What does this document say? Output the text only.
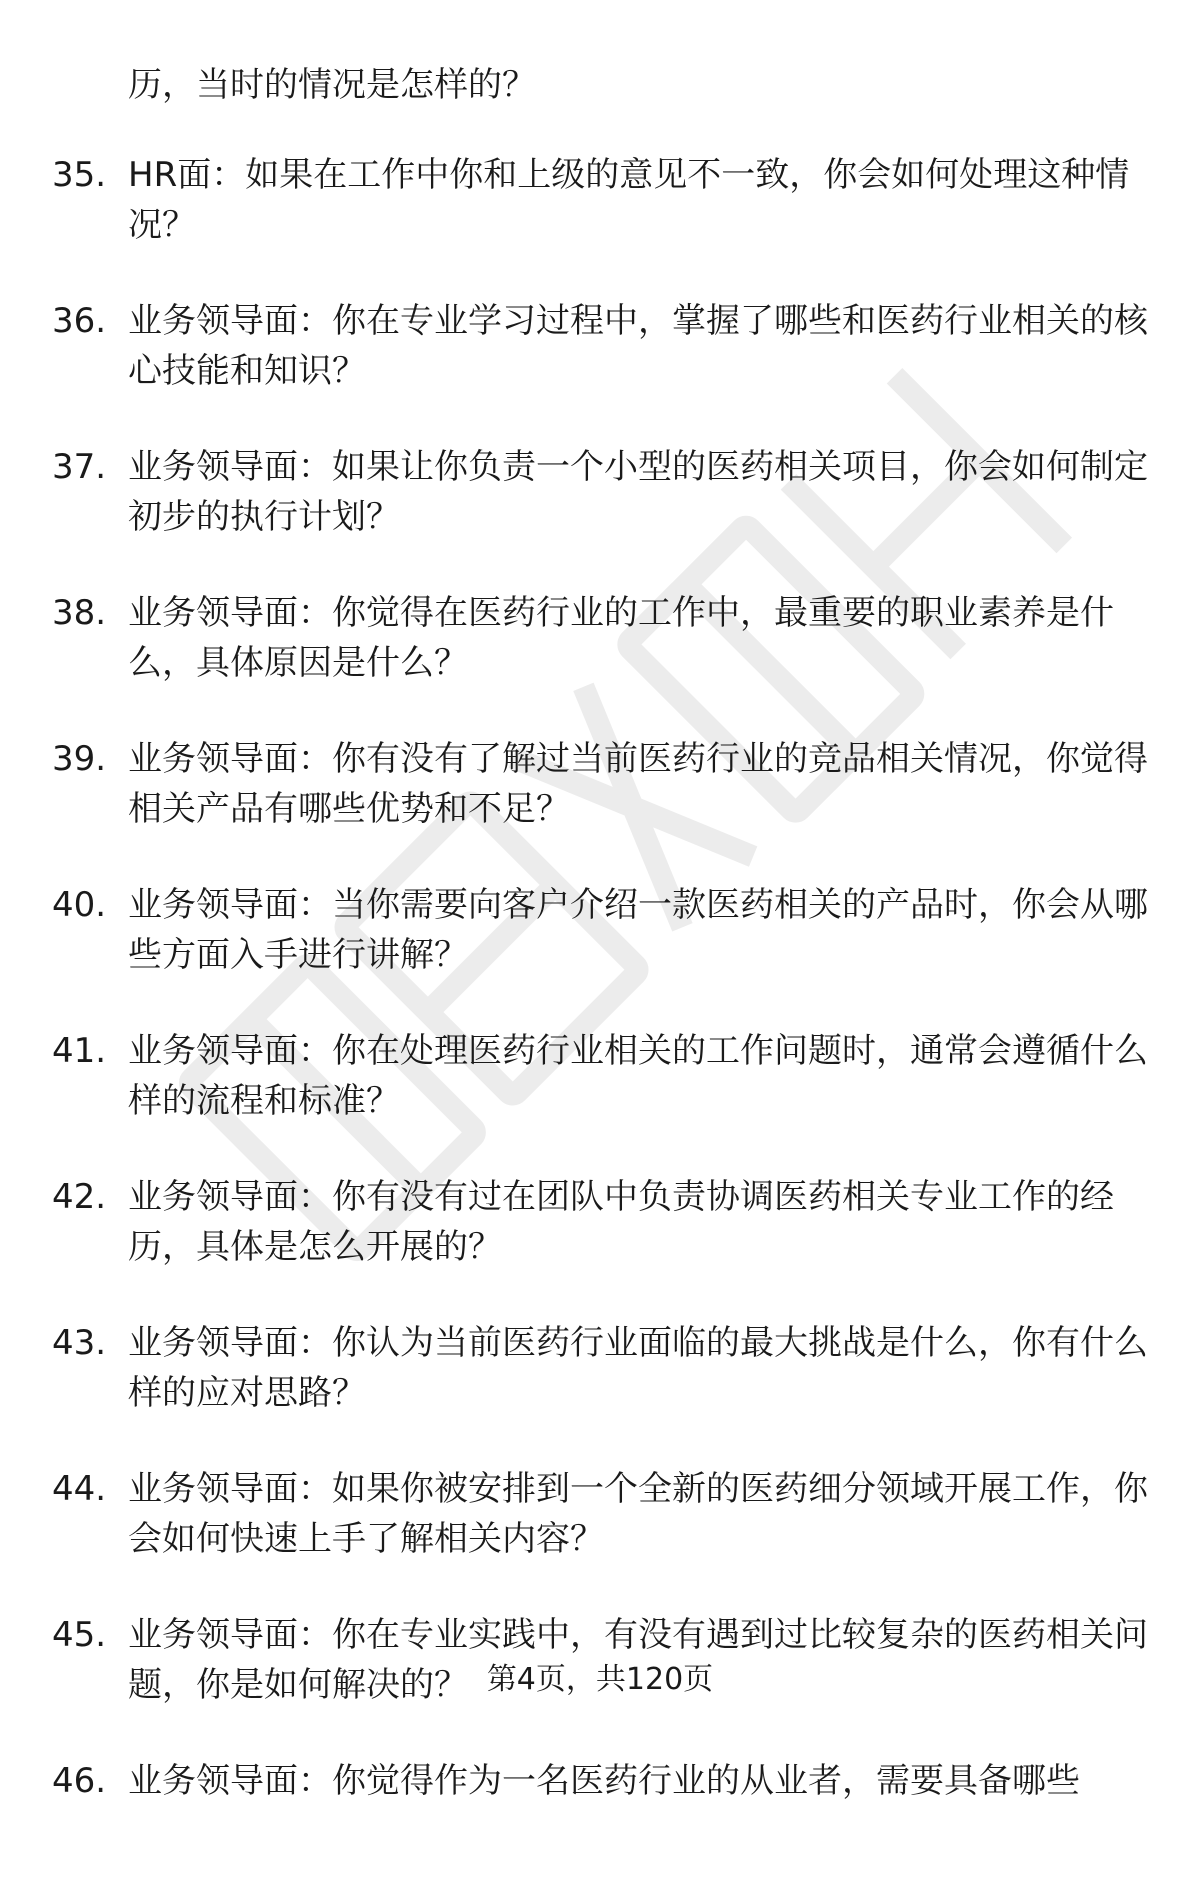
历，当时的情况是怎样的？

35. HR面：如果在工作中你和上级的意见不一致，你会如何处理这种情况？

36. 业务领导面：你在专业学习过程中，掌握了哪些和医药行业相关的核心技能和知识？

37. 业务领导面：如果让你负责一个小型的医药相关项目，你会如何制定初步的执行计划？

38. 业务领导面：你觉得在医药行业的工作中，最重要的职业素养是什么，具体原因是什么？

39. 业务领导面：你有没有了解过当前医药行业的竞品相关情况，你觉得相关产品有哪些优势和不足？

40. 业务领导面：当你需要向客户介绍一款医药相关的产品时，你会从哪些方面入手进行讲解？

41. 业务领导面：你在处理医药行业相关的工作问题时，通常会遵循什么样的流程和标准？

42. 业务领导面：你有没有过在团队中负责协调医药相关专业工作的经历，具体是怎么开展的？

43. 业务领导面：你认为当前医药行业面临的最大挑战是什么，你有什么样的应对思路？

44. 业务领导面：如果你被安排到一个全新的医药细分领域开展工作，你会如何快速上手了解相关内容？

45. 业务领导面：你在专业实践中，有没有遇到过比较复杂的医药相关问题，你是如何解决的？

46. 业务领导面：你觉得作为一名医药行业的从业者，需要具备哪些

第4页，共120页
